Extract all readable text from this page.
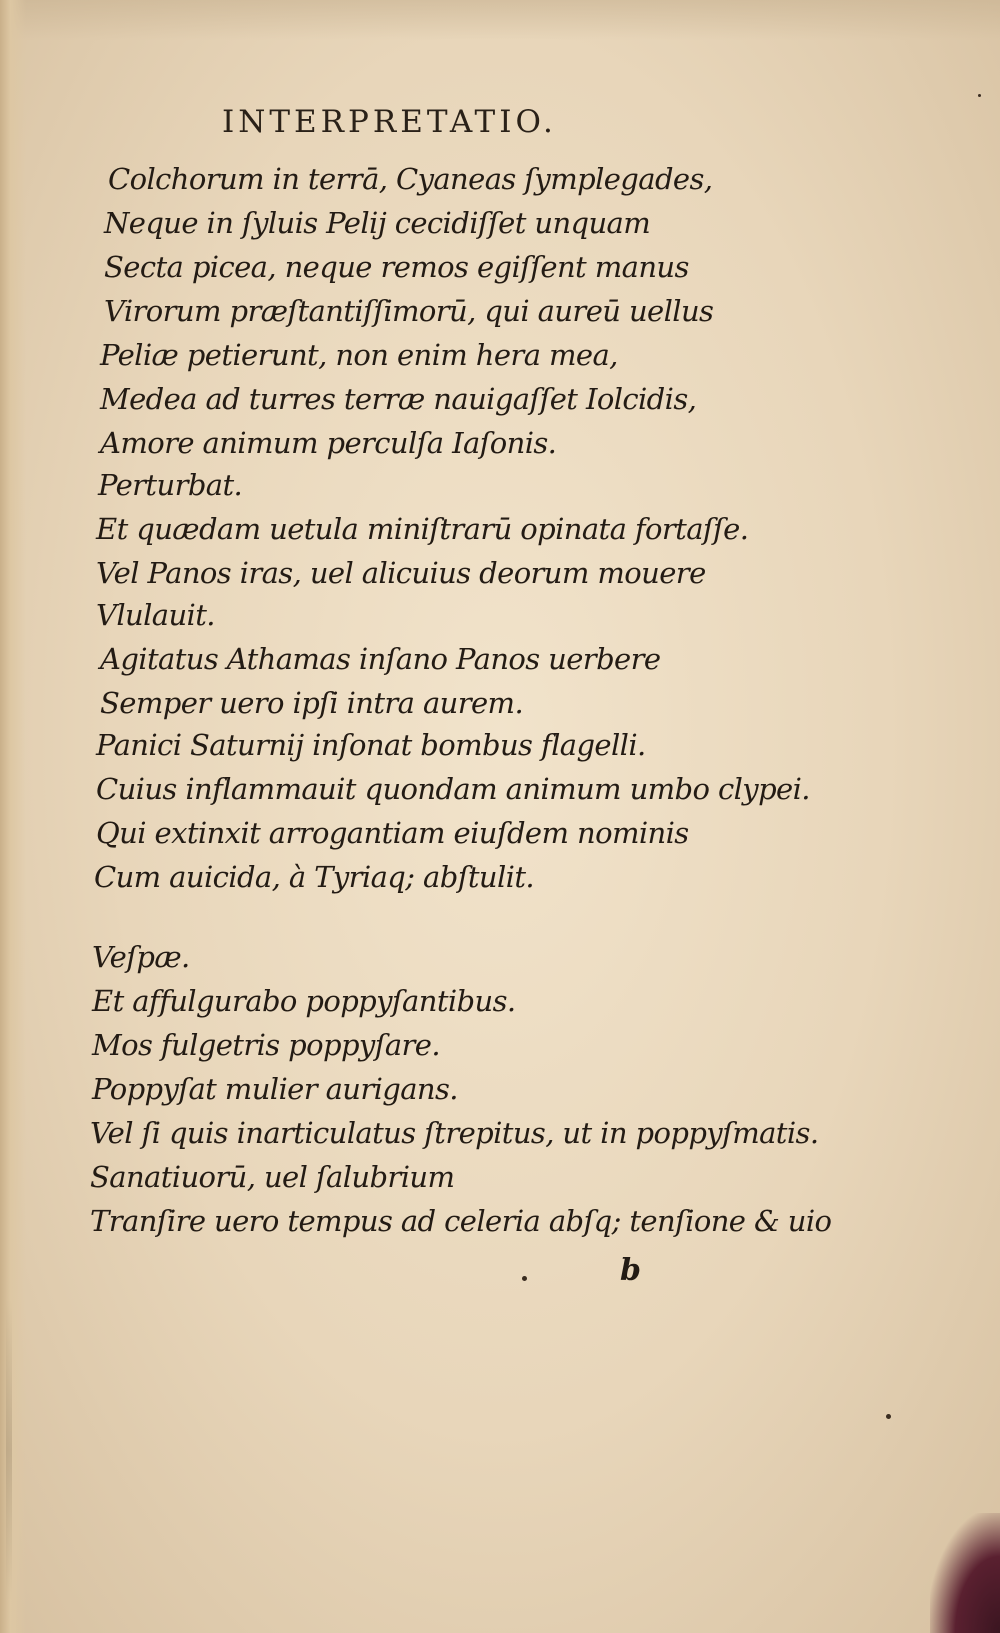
INTERPRETATIO.
Colchorum in terrā, Cyaneas ſymplegades,
Neque in ſyluis Pelij cecidiſſet unquam
Secta picea, neque remos egiſſent manus
Virorum præſtantiſſimorū, qui aureū uellus
Peliæ petierunt, non enim hera mea,
Medea ad turres terræ nauigaſſet Iolcidis,
Amore animum perculſa Iaſonis.
Perturbat.
Et quædam uetula miniſtrarū opinata fortaſſe.
Vel Panos iras, uel alicuius deorum mouere
Vlulauit.
Agitatus Athamas inſano Panos uerbere
Semper uero ipſi intra aurem.
Panici Saturnij inſonat bombus flagelli.
Cuius inflammauit quondam animum umbo clypei.
Qui extinxit arrogantiam eiuſdem nominis
Cum auicida, à Tyriaq; abſtulit.
Veſpæ.
Et affulgurabo poppyſantibus.
Mos fulgetris poppyſare.
Poppyſat mulier aurigans.
Vel ſi quis inarticulatus ſtrepitus, ut in poppyſmatis.
Sanatiuorū, uel ſalubrium
Tranſire uero tempus ad celeria abſq; tenſione & uio
b
